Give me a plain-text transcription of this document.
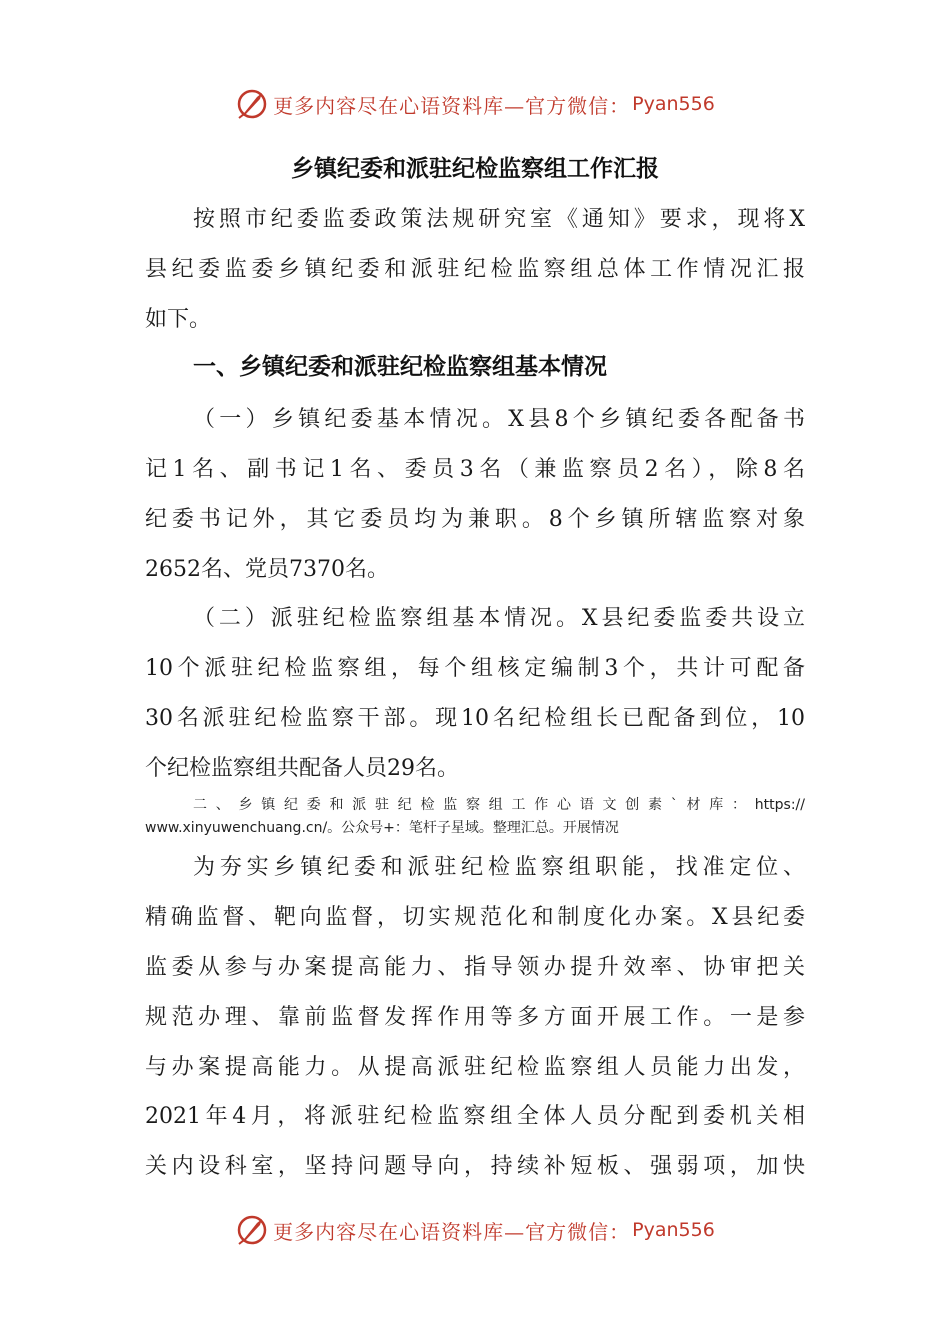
更多内容尽在心语资料库—官方微信： Pyan556
乡镇纪委和派驻纪检监察组工作汇报
按照市纪委监委政策法规研究室《通知》要求，现将X
县纪委监委乡镇纪委和派驻纪检监察组总体工作情况汇报
如下。
一、乡镇纪委和派驻纪检监察组基本情况
（一）乡镇纪委基本情况。X县8个乡镇纪委各配备书
记1名、副书记1名、委员3名（兼监察员2名），除8名
纪委书记外，其它委员均为兼职。8个乡镇所辖监察对象
2652名、党员7370名。
（二）派驻纪检监察组基本情况。X县纪委监委共设立
10个派驻纪检监察组，每个组核定编制3个，共计可配备
30名派驻纪检监察干部。现10名纪检组长已配备到位，10
个纪检监察组共配备人员29名。
二、乡镇纪委和派驻纪检监察组工作心语文创素`材库：https://
www.xinyuwenchuang.cn/。公众号+：笔杆子星域。整理汇总。开展情况
为夯实乡镇纪委和派驻纪检监察组职能，找准定位、
精确监督、靶向监督，切实规范化和制度化办案。X县纪委
监委从参与办案提高能力、指导领办提升效率、协审把关
规范办理、靠前监督发挥作用等多方面开展工作。一是参
与办案提高能力。从提高派驻纪检监察组人员能力出发，
2021年4月，将派驻纪检监察组全体人员分配到委机关相
关内设科室，坚持问题导向，持续补短板、强弱项，加快
更多内容尽在心语资料库—官方微信： Pyan556
